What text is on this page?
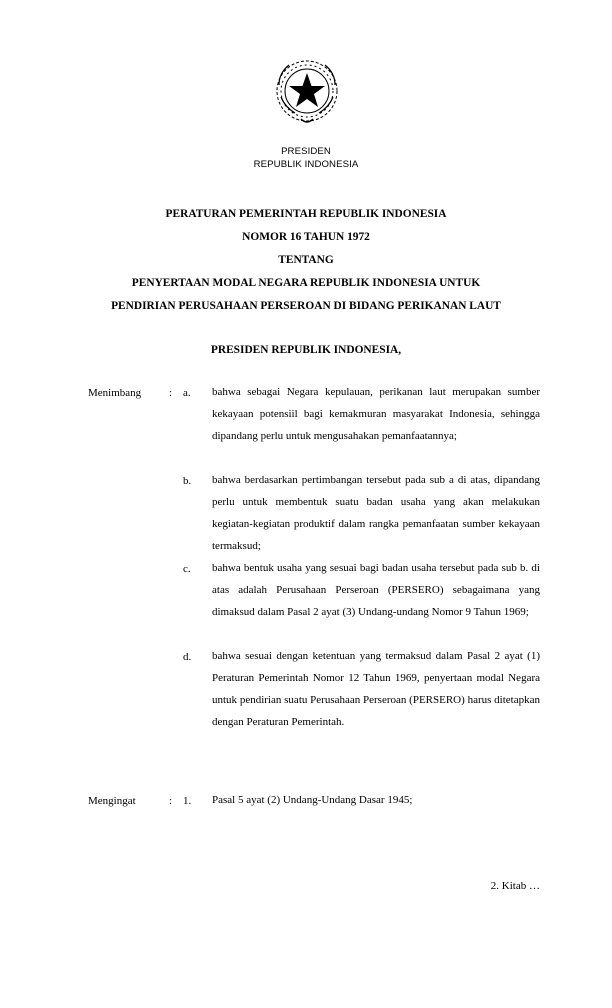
PRESIDEN
REPUBLIK INDONESIA
PERATURAN PEMERINTAH REPUBLIK INDONESIA
NOMOR 16 TAHUN 1972
TENTANG
PENYERTAAN MODAL NEGARA REPUBLIK INDONESIA UNTUK
PENDIRIAN PERUSAHAAN PERSEROAN DI BIDANG PERIKANAN LAUT
PRESIDEN REPUBLIK INDONESIA,
Menimbang	: a. bahwa sebagai Negara kepulauan, perikanan laut merupakan sumber kekayaan potensiil bagi kemakmuran masyarakat Indonesia, sehingga dipandang perlu untuk mengusahakan pemanfaatannya;
b. bahwa berdasarkan pertimbangan tersebut pada sub a di atas, dipandang perlu untuk membentuk suatu badan usaha yang akan melakukan kegiatan-kegiatan produktif dalam rangka pemanfaatan sumber kekayaan termaksud;
c. bahwa bentuk usaha yang sesuai bagi badan usaha tersebut pada sub b. di atas adalah Perusahaan Perseroan (PERSERO) sebagaimana yang dimaksud dalam Pasal 2 ayat (3) Undang-undang Nomor 9 Tahun 1969;
d. bahwa sesuai dengan ketentuan yang termaksud dalam Pasal 2 ayat (1) Peraturan Pemerintah Nomor 12 Tahun 1969, penyertaan modal Negara untuk pendirian suatu Perusahaan Perseroan (PERSERO) harus ditetapkan dengan Peraturan Pemerintah.
Mengingat	: 1. Pasal 5 ayat (2) Undang-Undang Dasar 1945;
2. Kitab …
